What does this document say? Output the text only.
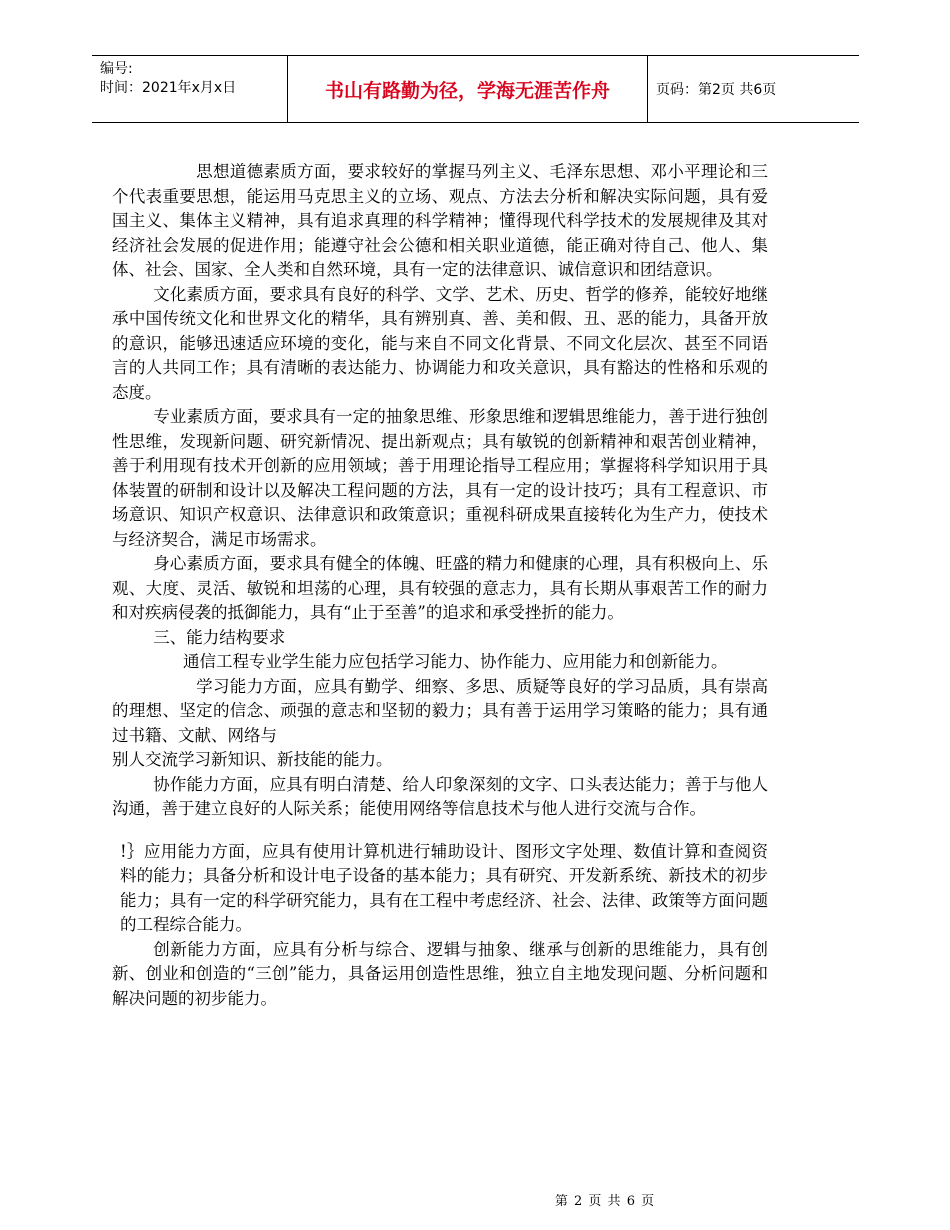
编号:
时间：2021年x月x日	书山有路勤为径，学海无涯苦作舟	页码：第2页 共6页

思想道德素质方面，要求较好的掌握马列主义、毛泽东思想、邓小平理论和三个代表重要思想，能运用马克思主义的立场、观点、方法去分析和解决实际问题，具有爱国主义、集体主义精神，具有追求真理的科学精神；懂得现代科学技术的发展规律及其对经济社会发展的促进作用；能遵守社会公德和相关职业道德，能正确对待自己、他人、集体、社会、国家、全人类和自然环境，具有一定的法律意识、诚信意识和团结意识。

文化素质方面，要求具有良好的科学、文学、艺术、历史、哲学的修养，能较好地继承中国传统文化和世界文化的精华，具有辨别真、善、美和假、丑、恶的能力，具备开放的意识，能够迅速适应环境的变化，能与来自不同文化背景、不同文化层次、甚至不同语言的人共同工作；具有清晰的表达能力、协调能力和攻关意识，具有豁达的性格和乐观的态度。

专业素质方面，要求具有一定的抽象思维、形象思维和逻辑思维能力，善于进行独创性思维，发现新问题、研究新情况、提出新观点；具有敏锐的创新精神和艰苦创业精神，善于利用现有技术开创新的应用领域；善于用理论指导工程应用；掌握将科学知识用于具体装置的研制和设计以及解决工程问题的方法，具有一定的设计技巧；具有工程意识、市场意识、知识产权意识、法律意识和政策意识；重视科研成果直接转化为生产力，使技术与经济契合，满足市场需求。

身心素质方面，要求具有健全的体魄、旺盛的精力和健康的心理，具有积极向上、乐观、大度、灵活、敏锐和坦荡的心理，具有较强的意志力，具有长期从事艰苦工作的耐力和对疾病侵袭的抵御能力，具有“止于至善”的追求和承受挫折的能力。

三、能力结构要求

通信工程专业学生能力应包括学习能力、协作能力、应用能力和创新能力。

学习能力方面，应具有勤学、细察、多思、质疑等良好的学习品质，具有崇高的理想、坚定的信念、顽强的意志和坚韧的毅力；具有善于运用学习策略的能力；具有通过书籍、文献、网络与

别人交流学习新知识、新技能的能力。

协作能力方面，应具有明白清楚、给人印象深刻的文字、口头表达能力；善于与他人沟通，善于建立良好的人际关系；能使用网络等信息技术与他人进行交流与合作。

!｝应用能力方面，应具有使用计算机进行辅助设计、图形文字处理、数值计算和查阅资料的能力；具备分析和设计电子设备的基本能力；具有研究、开发新系统、新技术的初步能力；具有一定的科学研究能力，具有在工程中考虑经济、社会、法律、政策等方面问题的工程综合能力。

创新能力方面，应具有分析与综合、逻辑与抽象、继承与创新的思维能力，具有创新、创业和创造的“三创”能力，具备运用创造性思维，独立自主地发现问题、分析问题和解决问题的初步能力。

第 2 页 共 6 页
